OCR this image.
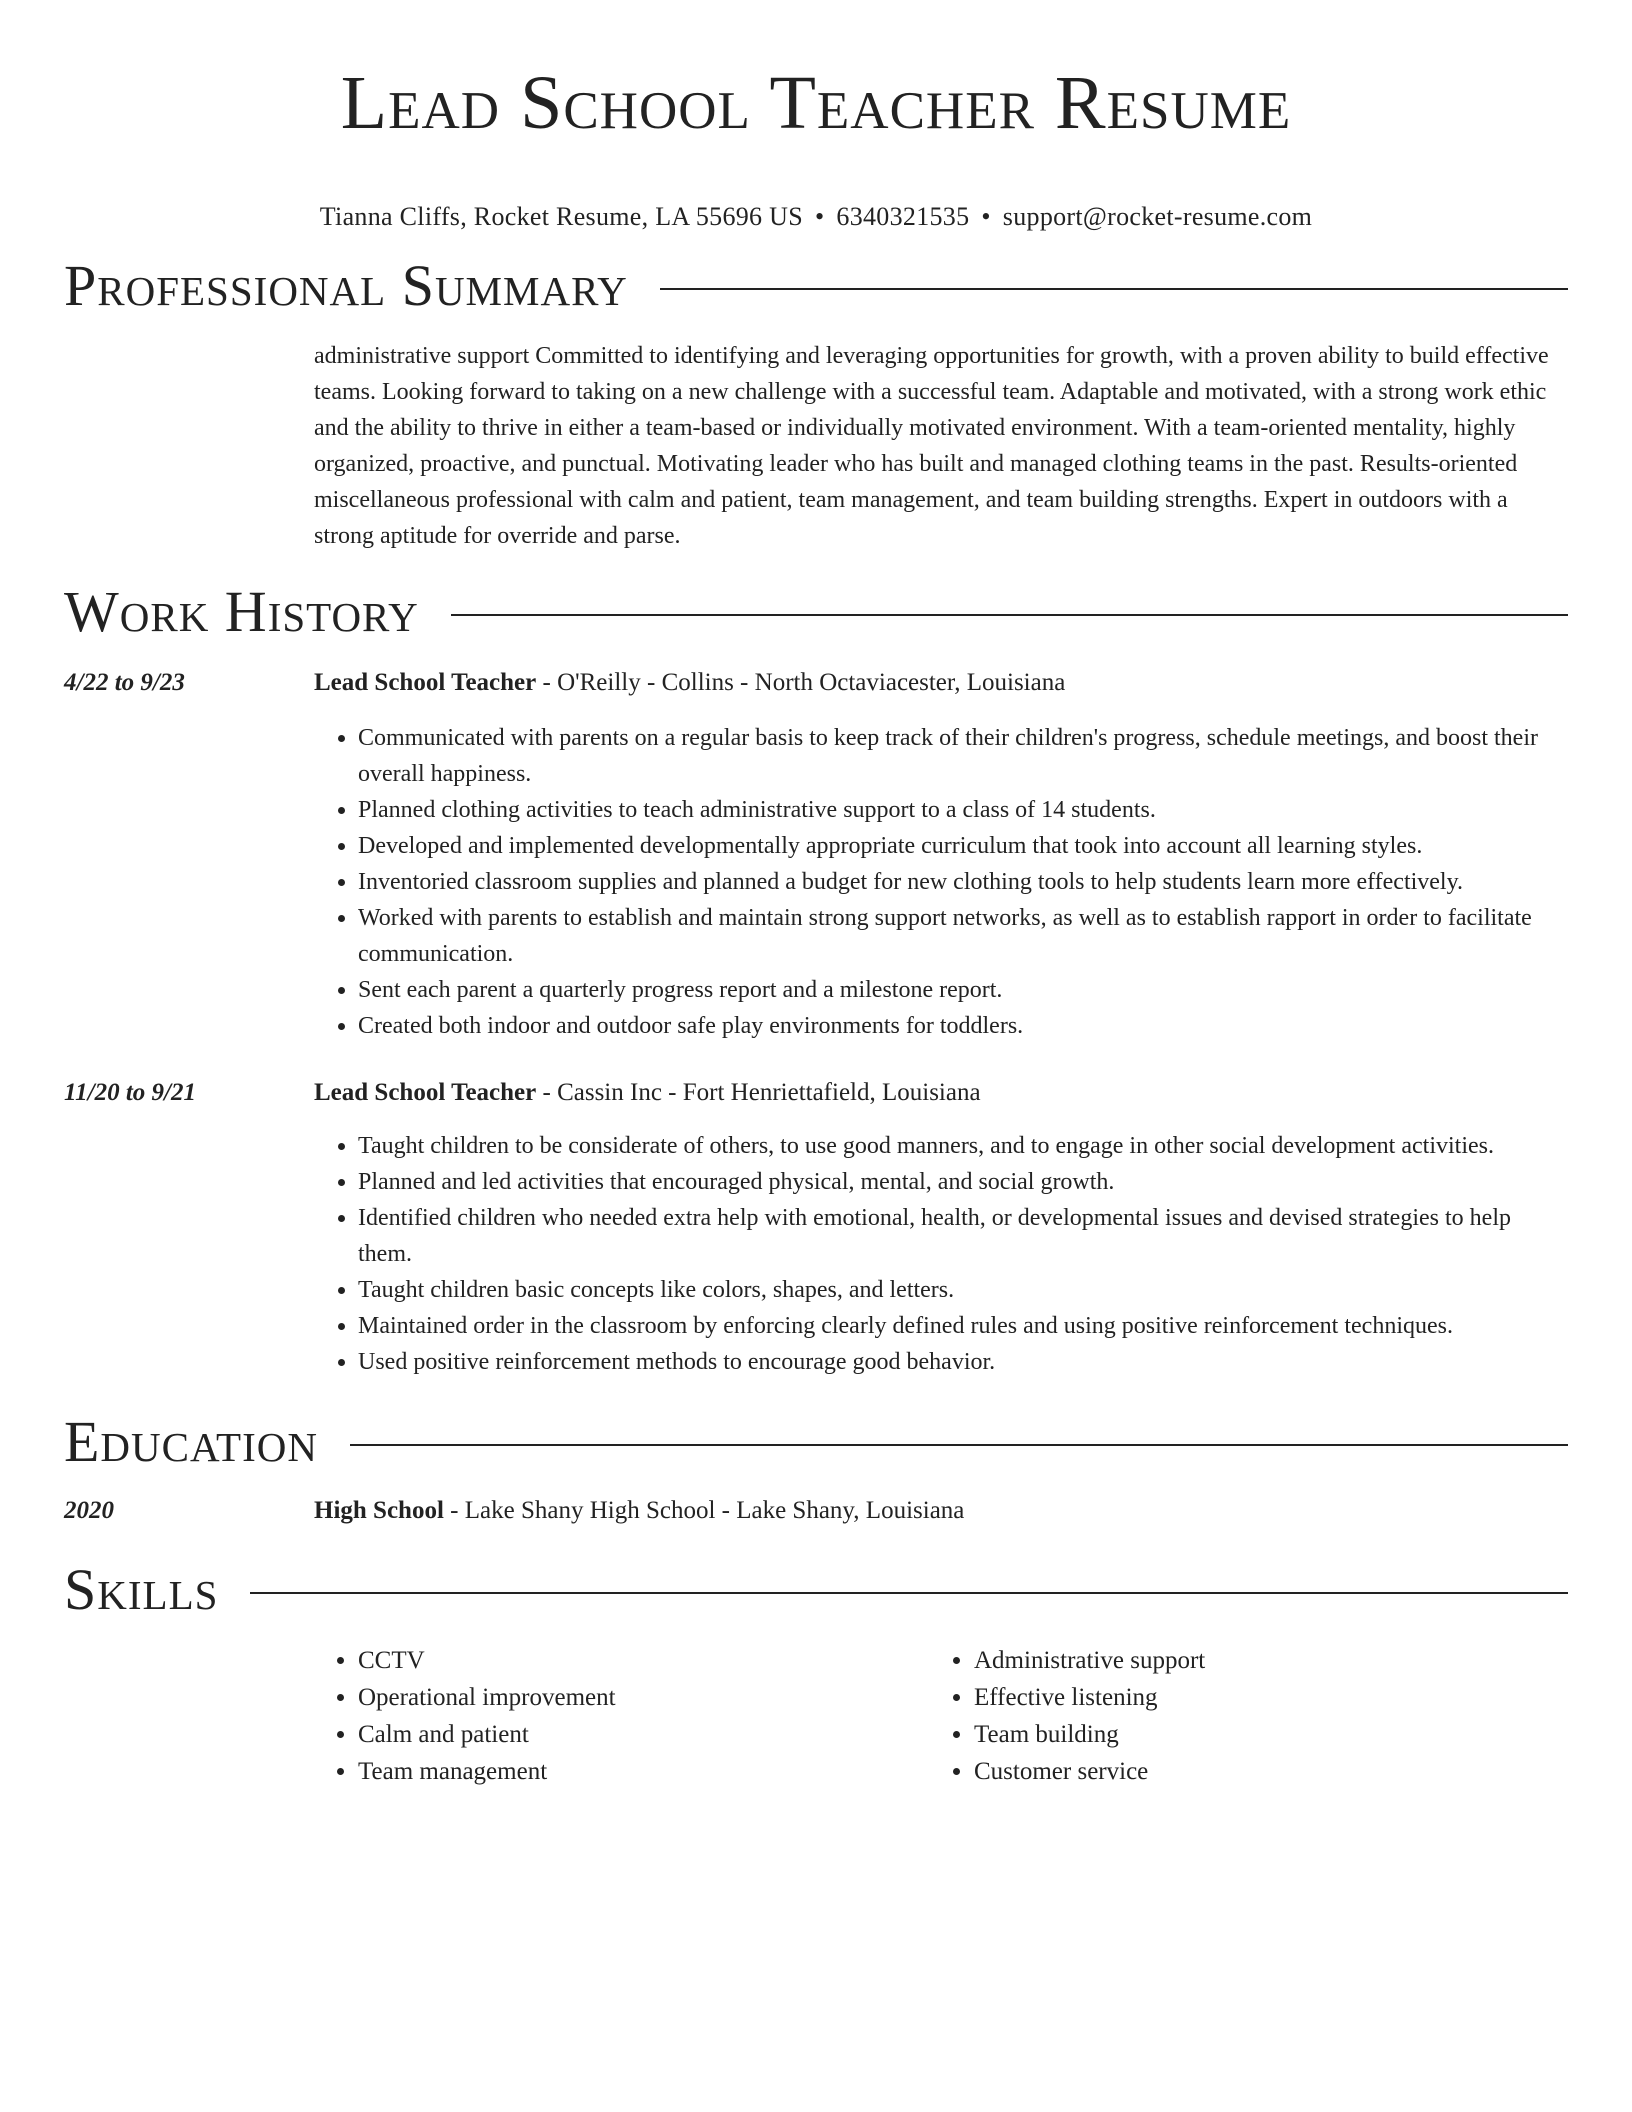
Lead School Teacher Resume
Tianna Cliffs, Rocket Resume, LA 55696 US • 6340321535 • support@rocket-resume.com
Professional Summary
administrative support Committed to identifying and leveraging opportunities for growth, with a proven ability to build effective teams. Looking forward to taking on a new challenge with a successful team. Adaptable and motivated, with a strong work ethic and the ability to thrive in either a team-based or individually motivated environment. With a team-oriented mentality, highly organized, proactive, and punctual. Motivating leader who has built and managed clothing teams in the past. Results-oriented miscellaneous professional with calm and patient, team management, and team building strengths. Expert in outdoors with a strong aptitude for override and parse.
Work History
4/22 to 9/23	Lead School Teacher - O'Reilly - Collins - North Octaviacester, Louisiana
• Communicated with parents on a regular basis to keep track of their children's progress, schedule meetings, and boost their overall happiness.
• Planned clothing activities to teach administrative support to a class of 14 students.
• Developed and implemented developmentally appropriate curriculum that took into account all learning styles.
• Inventoried classroom supplies and planned a budget for new clothing tools to help students learn more effectively.
• Worked with parents to establish and maintain strong support networks, as well as to establish rapport in order to facilitate communication.
• Sent each parent a quarterly progress report and a milestone report.
• Created both indoor and outdoor safe play environments for toddlers.
11/20 to 9/21	Lead School Teacher - Cassin Inc - Fort Henriettafield, Louisiana
• Taught children to be considerate of others, to use good manners, and to engage in other social development activities.
• Planned and led activities that encouraged physical, mental, and social growth.
• Identified children who needed extra help with emotional, health, or developmental issues and devised strategies to help them.
• Taught children basic concepts like colors, shapes, and letters.
• Maintained order in the classroom by enforcing clearly defined rules and using positive reinforcement techniques.
• Used positive reinforcement methods to encourage good behavior.
Education
2020	High School - Lake Shany High School - Lake Shany, Louisiana
Skills
• CCTV
• Operational improvement
• Calm and patient
• Team management
• Administrative support
• Effective listening
• Team building
• Customer service
